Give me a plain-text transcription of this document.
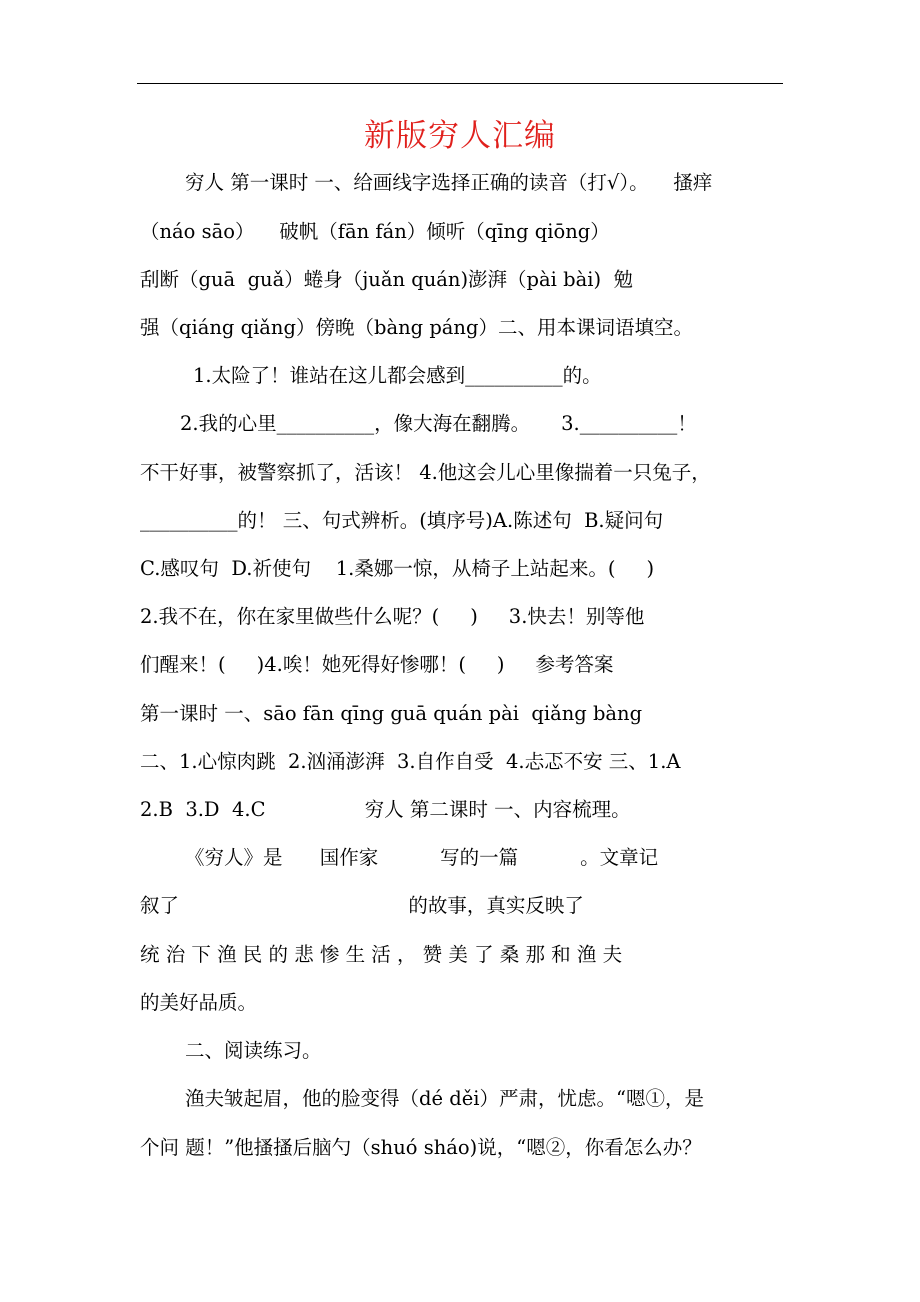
新版穷人汇编
穷人 第一课时 一、给画线字选择正确的读音（打√）。    搔痒
（náo sāo）    破帆（fān fán）倾听（qīng qiōng）
刮断（guā  guǎ）蜷身（juǎn quán)澎湃（pài bài)  勉
强（qiáng qiǎng）傍晚（bàng páng）二、用本课词语填空。
1.太险了！谁站在这儿都会感到__________的。
2.我的心里__________，像大海在翻腾。     3.__________！
不干好事，被警察抓了，活该！ 4.他这会儿心里像揣着一只兔子，
__________的！ 三、句式辨析。(填序号)A.陈述句  B.疑问句
C.感叹句  D.祈使句    1.桑娜一惊，从椅子上站起来。(     )
2.我不在，你在家里做些什么呢？(     )     3.快去！别等他
们醒来！(     )4.唉！她死得好惨哪！(     )     参考答案
第一课时 一、sāo fān qīng guā quán pài  qiǎng bàng
二、1.心惊肉跳  2.汹涌澎湃  3.自作自受  4.忐忑不安 三、1.A
2.B  3.D  4.C                穷人 第二课时 一、内容梳理。
《穷人》是      国作家          写的一篇          。文章记
叙了                                     的故事，真实反映了
统 治 下 渔 民 的 悲 惨 生 活 ， 赞 美 了 桑 那 和 渔 夫
的美好品质。
二、阅读练习。
渔夫皱起眉，他的脸变得（dé děi）严肃，忧虑。“嗯①，是
个问 题！”他搔搔后脑勺（shuó sháo)说，“嗯②，你看怎么办？
